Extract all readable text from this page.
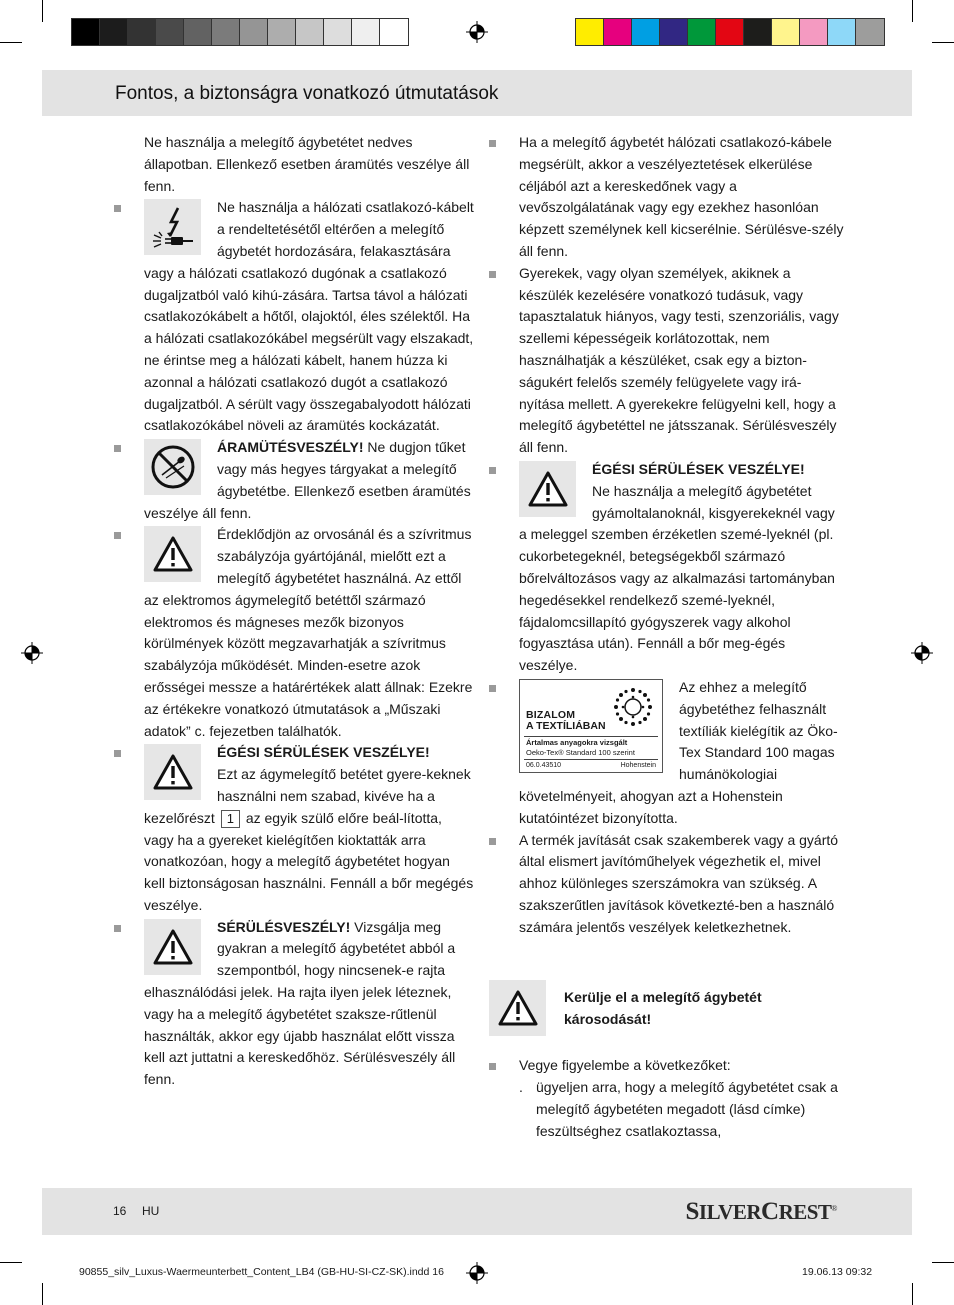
Fontos, a biztonságra vonatkozó útmutatások
Ne használja a melegítő ágybetétet nedves állapotban. Ellenkező esetben áramütés veszélye áll fenn.
Ne használja a hálózati csatlakozó-kábelt a rendeltetésétől eltérően a melegítő ágybetét hordozására, felakasztására vagy a hálózati csatlakozó dugónak a csatlakozó dugaljzatból való kihú-zására. Tartsa távol a hálózati csatlakozókábelt a hőtől, olajoktól, éles szélektől. Ha a hálózati csatlakozókábel megsérült vagy elszakadt, ne érintse meg a hálózati kábelt, hanem húzza ki azonnal a hálózati csatlakozó dugót a csatlakozó dugaljzatból. A sérült vagy összegabalyodott hálózati csatlakozókábel növeli az áramütés kockázatát.
ÁRAMÜTÉSVESZÉLY! Ne dugjon tűket vagy más hegyes tárgyakat a melegítő ágybetétbe. Ellenkező esetben áramütés veszélye áll fenn.
Érdeklődjön az orvosánál és a szívritmus szabályzója gyártójánál, mielőtt ezt a melegítő ágybetétet használná. Az ettől az elektromos ágymelegítő betéttől származó elektromos és mágneses mezők bizonyos körülmények között megzavarhatják a szívritmus szabályzója működését. Minden-esetre azok erősségei messze a határértékek alatt állnak: Ezekre az értékekre vonatkozó útmutatások a „Műszaki adatok” c. fejezetben találhatók.
ÉGÉSI SÉRÜLÉSEK VESZÉLYE!
Ezt az ágymelegítő betétet gyere-keknek használni nem szabad, kivéve ha a kezelőrészt 1 az egyik szülő előre beál-lította, vagy ha a gyereket kielégítően kioktatták arra vonatkozóan, hogy a melegítő ágybetétet hogyan kell biztonságosan használni. Fennáll a bőr megégés veszélye.
SÉRÜLÉSVESZÉLY! Vizsgálja meg gyakran a melegítő ágybetétet abból a szempontból, hogy nincsenek-e rajta elhasználódási jelek. Ha rajta ilyen jelek léteznek, vagy ha a melegítő ágybetétet szaksze-rűtlenül használták, akkor egy újabb használat előtt vissza kell azt juttatni a kereskedőhöz. Sérülésveszély áll fenn.
Ha a melegítő ágybetét hálózati csatlakozó-kábele megsérült, akkor a veszélyeztetések elkerülése céljából azt a kereskedőnek vagy a vevőszolgálatának vagy egy ezekhez hasonlóan képzett személynek kell kicserélnie. Sérülésve-szély áll fenn.
Gyerekek, vagy olyan személyek, akiknek a készülék kezelésére vonatkozó tudásuk, vagy tapasztalatuk hiányos, vagy testi, szenzoriális, vagy szellemi képességeik korlátozottak, nem használhatják a készüléket, csak egy a bizton-ságukért felelős személy felügyelete vagy irá-nyítása mellett. A gyerekekre felügyelni kell, hogy a melegítő ágybetéttel ne játsszanak. Sérülésveszély áll fenn.
ÉGÉSI SÉRÜLÉSEK VESZÉLYE!
Ne használja a melegítő ágybetétet gyámoltalanoknál, kisgyerekeknél vagy a meleggel szemben érzéketlen szemé-lyeknél (pl. cukorbetegeknél, betegségekből származó bőrelváltozásos vagy az alkalmazási tartományban hegedésekkel rendelkező szemé-lyeknél, fájdalomcsillapító gyógyszerek vagy alkohol fogyasztása után). Fennáll a bőr meg-égés veszélye.
BIZALOM
A TEXTÍLIÁBAN
Ártalmas anyagokra vizsgált
Oeko-Tex® Standard 100 szerint
06.0.43510	Hohenstein
Az ehhez a melegítő ágybetéthez felhasznált textíliák kielégítik az Öko-Tex Standard 100 magas humánökologiai követelményeit, ahogyan azt a Hohenstein kutatóintézet bizonyította.
A termék javítását csak szakemberek vagy a gyártó által elismert javítóműhelyek végezhetik el, mivel ahhoz különleges szerszámokra van szükség. A szakszerűtlen javítások következté-ben a használó számára jelentős veszélyek keletkezhetnek.
Kerülje el a melegítő ágybetét károsodását!
Vegye figyelembe a következőket:
. ügyeljen arra, hogy a melegítő ágybetétet csak a melegítő ágybetéten megadott (lásd címke) feszültséghez csatlakoztassa,
16 HU	SILVERCREST®
90855_silv_Luxus-Waermeunterbett_Content_LB4 (GB-HU-SI-CZ-SK).indd 16	19.06.13 09:32
